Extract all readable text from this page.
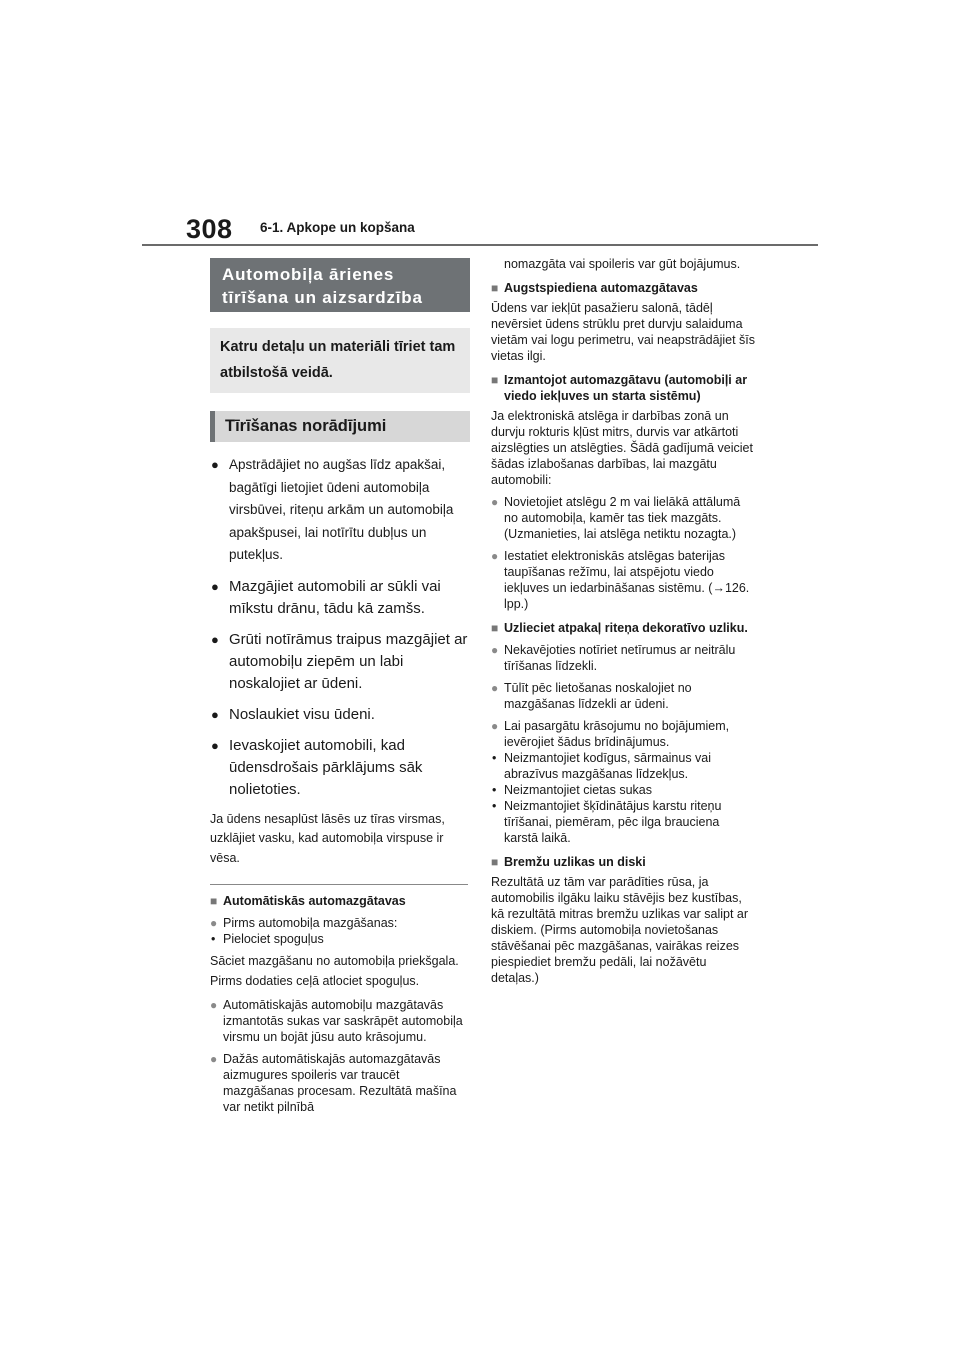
308 6-1. Apkope un kopšana
Automobiļa ārienes tīrīšana un aizsardzība
Katru detaļu un materiāli tīriet tam atbilstošā veidā.
Tīrīšanas norādījumi
● Apstrādājiet no augšas līdz apakšai, bagātīgi lietojiet ūdeni automobiļa virsbūvei, riteņu arkām un automobiļa apakšpusei, lai notīrītu dubļus un putekļus.
● Mazgājiet automobili ar sūkli vai mīkstu drānu, tādu kā zamšs.
● Grūti notīrāmus traipus mazgājiet ar automobiļu ziepēm un labi noskalojiet ar ūdeni.
● Noslaukiet visu ūdeni.
● Ievaskojiet automobili, kad ūdensdrošais pārklājums sāk nolietoties.
Ja ūdens nesaplūst lāsēs uz tīras virsmas, uzklājiet vasku, kad automobiļa virspuse ir vēsa.
■ Automātiskās automazgātavas
● Pirms automobiļa mazgāšanas:
• Pielociet spoguļus
Sāciet mazgāšanu no automobiļa priekšgala. Pirms dodaties ceļā atlociet spoguļus.
● Automātiskajās automobiļu mazgātavās izmantotās sukas var saskrāpēt automobiļa virsmu un bojāt jūsu auto krāsojumu.
● Dažās automātiskajās automazgātavās aizmugures spoileris var traucēt mazgāšanas procesam. Rezultātā mašīna var netikt pilnībā
nomazgāta vai spoileris var gūt bojājumus.
■ Augstspiediena automazgātavas
Ūdens var iekļūt pasažieru salonā, tādēļ nevērsiet ūdens strūklu pret durvju salaiduma vietām vai logu perimetru, vai neapstrādājiet šīs vietas ilgi.
■ Izmantojot automazgātavu (automobiļi ar viedo iekļuves un starta sistēmu)
Ja elektroniskā atslēga ir darbības zonā un durvju rokturis kļūst mitrs, durvis var atkārtoti aizslēgties un atslēgties. Šādā gadījumā veiciet šādas izlabošanas darbības, lai mazgātu automobili:
● Novietojiet atslēgu 2 m vai lielākā attālumā no automobiļa, kamēr tas tiek mazgāts. (Uzmanieties, lai atslēga netiktu nozagta.)
● Iestatiet elektroniskās atslēgas baterijas taupīšanas režīmu, lai atspējotu viedo iekļuves un iedarbināšanas sistēmu. (→126. lpp.)
■ Uzlieciet atpakaļ riteņa dekoratīvo uzliku.
● Nekavējoties notīriet netīrumus ar neitrālu tīrīšanas līdzekli.
● Tūlīt pēc lietošanas noskalojiet no mazgāšanas līdzekli ar ūdeni.
● Lai pasargātu krāsojumu no bojājumiem, ievērojiet šādus brīdinājumus.
• Neizmantojiet kodīgus, sārmainus vai abrazīvus mazgāšanas līdzekļus.
• Neizmantojiet cietas sukas
• Neizmantojiet šķīdinātājus karstu riteņu tīrīšanai, piemēram, pēc ilga brauciena karstā laikā.
■ Bremžu uzlikas un diski
Rezultātā uz tām var parādīties rūsa, ja automobilis ilgāku laiku stāvējis bez kustības, kā rezultātā mitras bremžu uzlikas var salipt ar diskiem. (Pirms automobiļa novietošanas stāvēšanai pēc mazgāšanas, vairākas reizes piespiediet bremžu pedāli, lai nožāvētu detaļas.)
